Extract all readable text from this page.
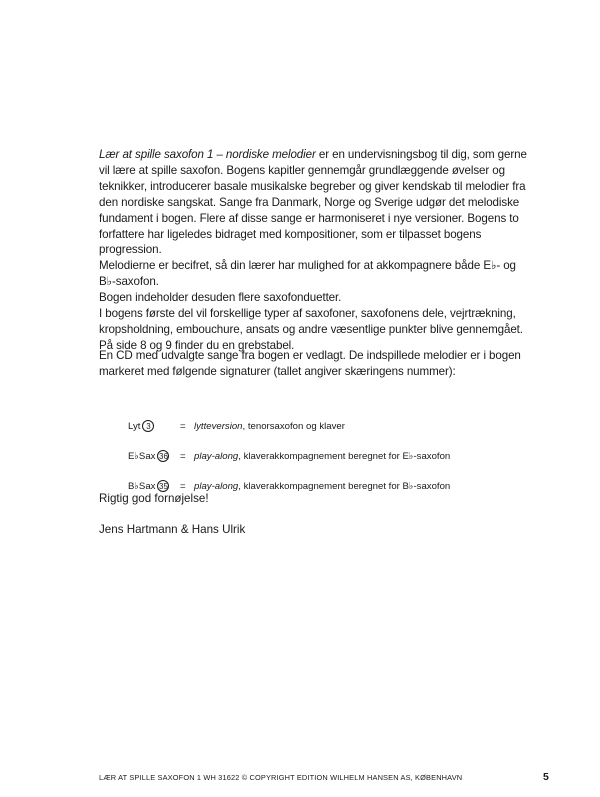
Lær at spille saxofon 1 – nordiske melodier er en undervisningsbog til dig, som gerne vil lære at spille saxofon. Bogens kapitler gennemgår grundlæggende øvelser og teknikker, introducerer basale musikalske begreber og giver kendskab til melodier fra den nordiske sangskat. Sange fra Danmark, Norge og Sverige udgør det melodiske fundament i bogen. Flere af disse sange er harmoniseret i nye versioner. Bogens to forfattere har ligeledes bidraget med kompositioner, som er tilpasset bogens progression.

Melodierne er becifret, så din lærer har mulighed for at akkompagnere både E♭- og B♭-saxofon.

Bogen indeholder desuden flere saxofonduetter.

I bogens første del vil forskellige typer af saxofoner, saxofonens dele, vejrtrækning, kropsholdning, embouchure, ansats og andre væsentlige punkter blive gennemgået.

På side 8 og 9 finder du en grebstabel.

En CD med udvalgte sange fra bogen er vedlagt. De indspillede melodier er i bogen markeret med følgende signaturer (tallet angiver skæringens nummer):

Lyt 3	= lytteversion, tenorsaxofon og klaver
E♭Sax 36 = play-along, klaverakkompagnement beregnet for E♭-saxofon
B♭Sax 35 = play-along, klaverakkompagnement beregnet for B♭-saxofon
Rigtig god fornøjelse!
Jens Hartmann & Hans Ulrik
LÆR AT SPILLE SAXOFON 1 WH 31622 © COPYRIGHT EDITION WILHELM HANSEN AS, KØBENHAVN	5
